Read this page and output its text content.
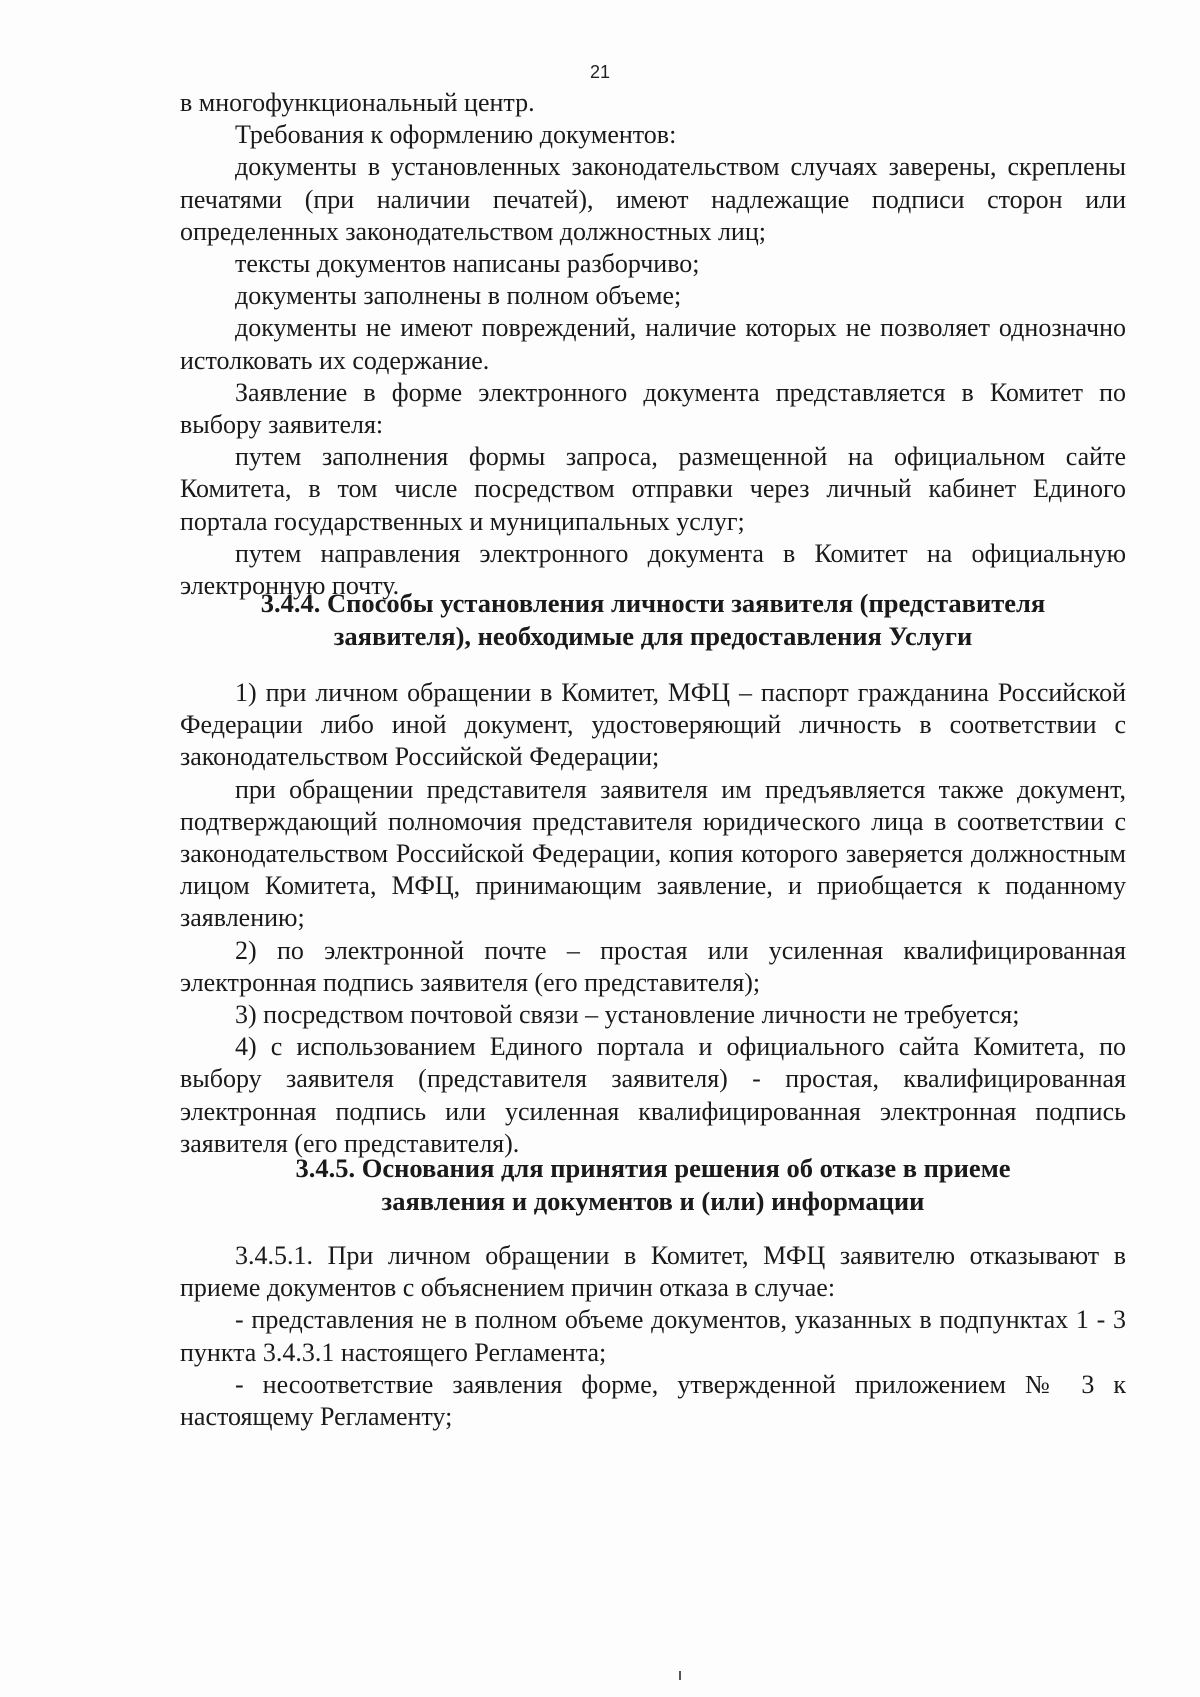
21

в многофункциональный центр.

Требования к оформлению документов:

документы в установленных законодательством случаях заверены, скреплены печатями (при наличии печатей), имеют надлежащие подписи сторон или определенных законодательством должностных лиц;

тексты документов написаны разборчиво;

документы заполнены в полном объеме;

документы не имеют повреждений, наличие которых не позволяет однозначно истолковать их содержание.

Заявление в форме электронного документа представляется в Комитет по выбору заявителя:

путем заполнения формы запроса, размещенной на официальном сайте Комитета, в том числе посредством отправки через личный кабинет Единого портала государственных и муниципальных услуг;

путем направления электронного документа в Комитет на официальную электронную почту.

3.4.4. Способы установления личности заявителя (представителя
заявителя), необходимые для предоставления Услуги

1) при личном обращении в Комитет, МФЦ – паспорт гражданина Российской Федерации либо иной документ, удостоверяющий личность в соответствии с законодательством Российской Федерации;

при обращении представителя заявителя им предъявляется также документ, подтверждающий полномочия представителя юридического лица в соответствии с законодательством Российской Федерации, копия которого заверяется должностным лицом Комитета, МФЦ, принимающим заявление, и приобщается к поданному заявлению;

2) по электронной почте – простая или усиленная квалифицированная электронная подпись заявителя (его представителя);

3) посредством почтовой связи – установление личности не требуется;

4) с использованием Единого портала и официального сайта Комитета, по выбору заявителя (представителя заявителя) - простая, квалифицированная электронная подпись или усиленная квалифицированная электронная подпись заявителя (его представителя).

3.4.5. Основания для принятия решения об отказе в приеме
заявления и документов и (или) информации

3.4.5.1. При личном обращении в Комитет, МФЦ заявителю отказывают в приеме документов с объяснением причин отказа в случае:

- представления не в полном объеме документов, указанных в подпунктах 1 - 3 пункта 3.4.3.1 настоящего Регламента;

- несоответствие заявления форме, утвержденной приложением № 3 к настоящему Регламенту;
